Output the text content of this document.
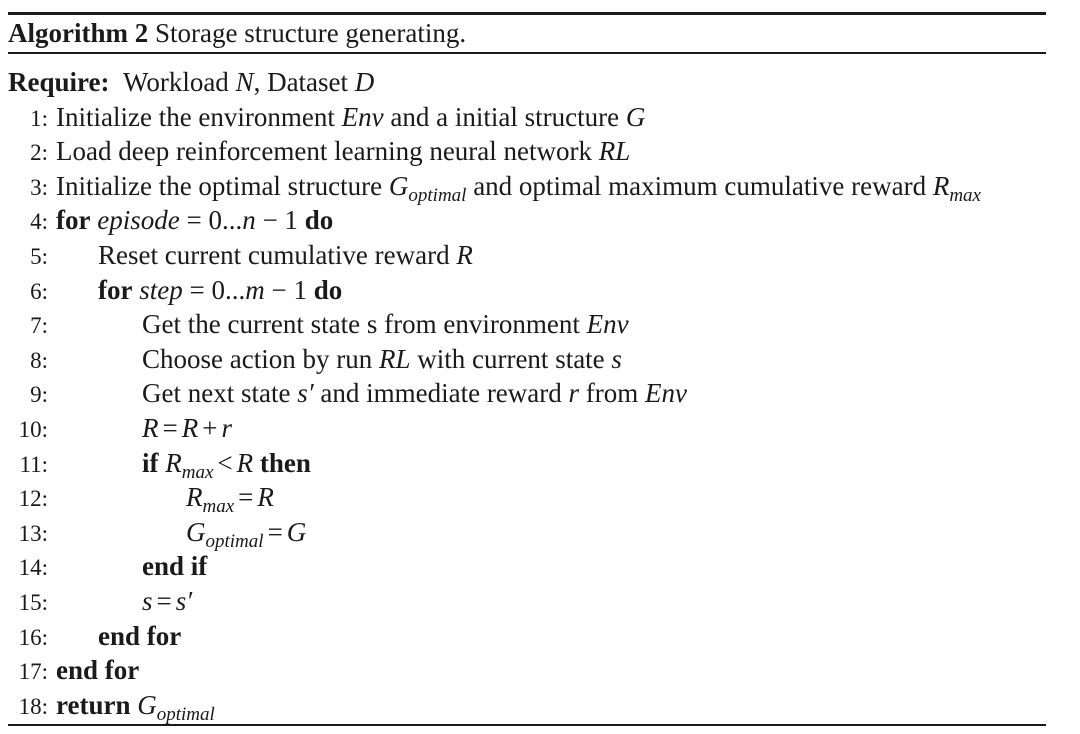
Algorithm 2 Storage structure generating.
Require: Workload N, Dataset D
1: Initialize the environment Env and a initial structure G
2: Load deep reinforcement learning neural network RL
3: Initialize the optimal structure $G_{optimal}$ and optimal maximum cumulative reward $R_{max}$
4: for episode = 0...n − 1 do
5: Reset current cumulative reward R
6: for step = 0...m − 1 do
7:	Get the current state s from environment Env
8:	Choose action by run RL with current state s
9:	Get next state s′ and immediate reward r from Env
10:	R = R + r
11:	if $R_{max} < R$ then
12:	$R_{max} = R$
13:	$G_{optimal} = G$
14:	end if
15:	s = s′
16: end for
17: end for
18: return $G_{optimal}$
